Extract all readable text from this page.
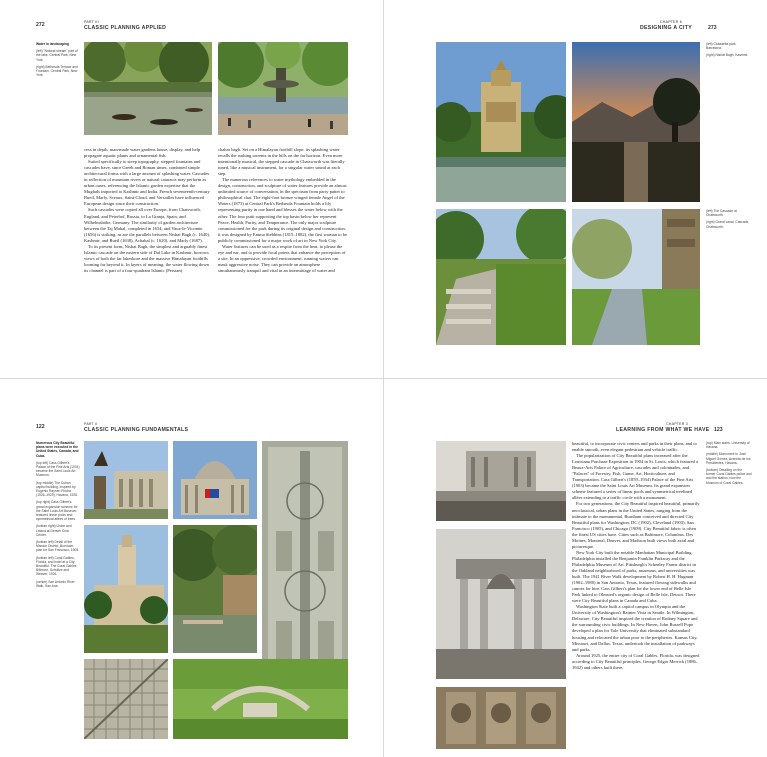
272	PART III
CLASSIC PLANNING APPLIED

Water in landscaping

(left) "Natural stream" part of the lake, Central Park, New York.

(right) Bethesda Terrace and Fountain, Central Park, New York.

cess in depth, man-made water gardens house, display, and help propagate aquatic plants and ornamental fish.

Suited specifically to steep topography, stepped fountains and cascades have, since Greek and Roman times, combined simple architectural forms with a large amount of splashing water. Cascades in reflection of mountain rivers or natural cataracts may perform as urban oases, referencing the Islamic garden expertise that the Mughals imported to Kashmir and India. French seventeenth-century Rueil, Marly, Sceaux, Saint-Cloud, and Versailles have influenced European design since their construction.

Such cascades were copied all over Europe, from Chatsworth, England, and Peterhof, Russia, to La Granja, Spain, and Wilhelmshöhe, Germany. The similarity of garden architecture between the Taj Mahal, completed in 1654, and Vaux-le-Vicomte (1656) is striking, as are the parallels between Nishat Bagh (c. 1640), Kashmir, and Rueil (1638), Achabal (c. 1620), and Marly (1687).

To its present form, Nishat Bagh, the simplest and arguably finest Islamic cascade on the eastern side of Dal Lake in Kashmir, borrows views of both the far lakeshore and the massive Himalayan foothills looming far beyond it. In layers of meaning, the water flowing down its channel is part of a four-quadrant Islamic (Persian)

chahar bagh. Set on a Himalayan foothill slope, its splashing water recalls the rushing torrents in the hills on the far horizon. Even more intentionally musical, the stepped cascade in Chatsworth was literally tuned, like a musical instrument, for a singular water sound at each step.

The numerous references to water mythology embedded in the design, construction, and sculpture of water features provide an almost unlimited source of conversation, in the spectrum from party patter to philosophical chat. The eight-foot bronze winged female Angel of the Waters (1873) at Central Park's Bethesda Fountain holds a lily representing purity in one hand and blesses the water below with the other. The four putti supporting the top basin below her represent Peace, Health, Purity, and Temperance. The only major sculpture commissioned for the park during its original design and construction, it was designed by Emma Stebbins (1815–1882), the first woman to be publicly commissioned for a major work of art in New York City.

Water features can be used as a respite from the heat, to please the eye and ear, and to provide focal points that enhance the perception of a site. In an oppressive, crowded environment, running waters can mask aggressive noise. They can provide an atmosphere simultaneously tranquil and vital in an intermittage of water and

CHAPTER 6
DESIGNING A CITY	273

(left) Ciutadella park, Barcelona.

(right) Nishat Bagh, Kashmir.

(left) The Cascade at Chatsworth.

(right) Grand canal, Cascade, Chatsworth.

122	PART II
CLASSIC PLANNING FUNDAMENTALS

Numerous City Beautiful plans were executed in the United States, Canada, and Cuba.

(top left) Cass Gilbert's Palace of the Fine Arts (1904) became the Saint Louis Art Museum.

(top middle) The Cuban capitol building, inspired by Eugenio Rayneri Piedra (1926–1929), Havana, 1926.

(top right) Cass Gilbert's grand expansion scheme for the Saint Louis Art Museum featured linear pools and symmetrical allees of trees.

(bottom right) Union and Leland at Denver Civic Center.

(bottom left) Detail of the Mission District, Burnham plan for San Francisco, 1905.

(bottom left) Coral Gables, Florida, and hotel at a City Beautiful. The Coral Gables Biltmore, Schultze and Weaver, 1926.

(center) San Antonio River Walk, San Ana.

CHAPTER 3
LEARNING FROM WHAT WE HAVE 123

beautiful, to incorporate civic centers and parks in their plans, and to enable smooth, even elegant pedestrian and vehicle traffic.

The popularization of City Beautiful plans increased after the Louisiana Purchase Exposition in 1904 in St. Louis, which featured a Beaux-Arts Palace of Agriculture, cascades and colonnades, and "Palaces" of Forestry, Fish, Game, Art, Horticulture, and Transportation. Cass Gilbert's (1859–1934) Palace of the Fine Arts (1903) became the Saint Louis Art Museum. Its grand expansion scheme featured a series of linear pools and symmetrical treelined allées extending to a traffic circle with a monument.

For two generations, the City Beautiful inspired beautiful, primarily neoclassical, urban plans in the United States, ranging from the intimate to the monumental. Burnham conceived and directed City Beautiful plans for Washington, DC (1902), Cleveland (1903), San Francisco (1905), and Chicago (1909). City Beautiful fabric is often the finest US cities have. Cities such as Baltimore, Columbus, Des Moines, Montreal, Denver, and Madison built views both axial and picturesque.

New York City built the notable Manhattan Municipal Building. Philadelphia installed the Benjamin Franklin Parkway and the Philadelphia Museum of Art. Pittsburgh's Schenley Farms district in the Oakland neighborhood of parks, museums, and universities was built. The 1941 River Walk development by Robert H. H. Hugman (1902–1980) in San Antonio, Texas, featured flowing sidewalks and canoes for hire. Cass Gilbert's plan for the lower end of Belle Isle Park linked to Olmsted's organic design of Belle Isle, Detroit. There were City Beautiful plans in Canada and Cuba.

Washington State built a capitol campus in Olympia and the University of Washington's Rainier Vista in Seattle. In Wilmington, Delaware, City Beautiful inspired the creation of Rodney Square and the surrounding civic buildings. In New Haven, John Russell Pope developed a plan for Yale University that eliminated substandard housing and relocated the urban poor to the peripheries. Kansas City, Missouri, and Dallas, Texas, undertook the installation of parkways and parks.

Around 1925, the entire city of Coral Gables, Florida, was designed according to City Beautiful principles. George Edgar Merrick (1886–1942) and others built there,

(top) Main stairs, University of Havana.

(middle) Monument to José Miguel Gómez, Avenida de los Presidentes, Havana.

(bottom) Detailing on the former Coral Gables police and and fire station, now the Museum of Coral Gables.
